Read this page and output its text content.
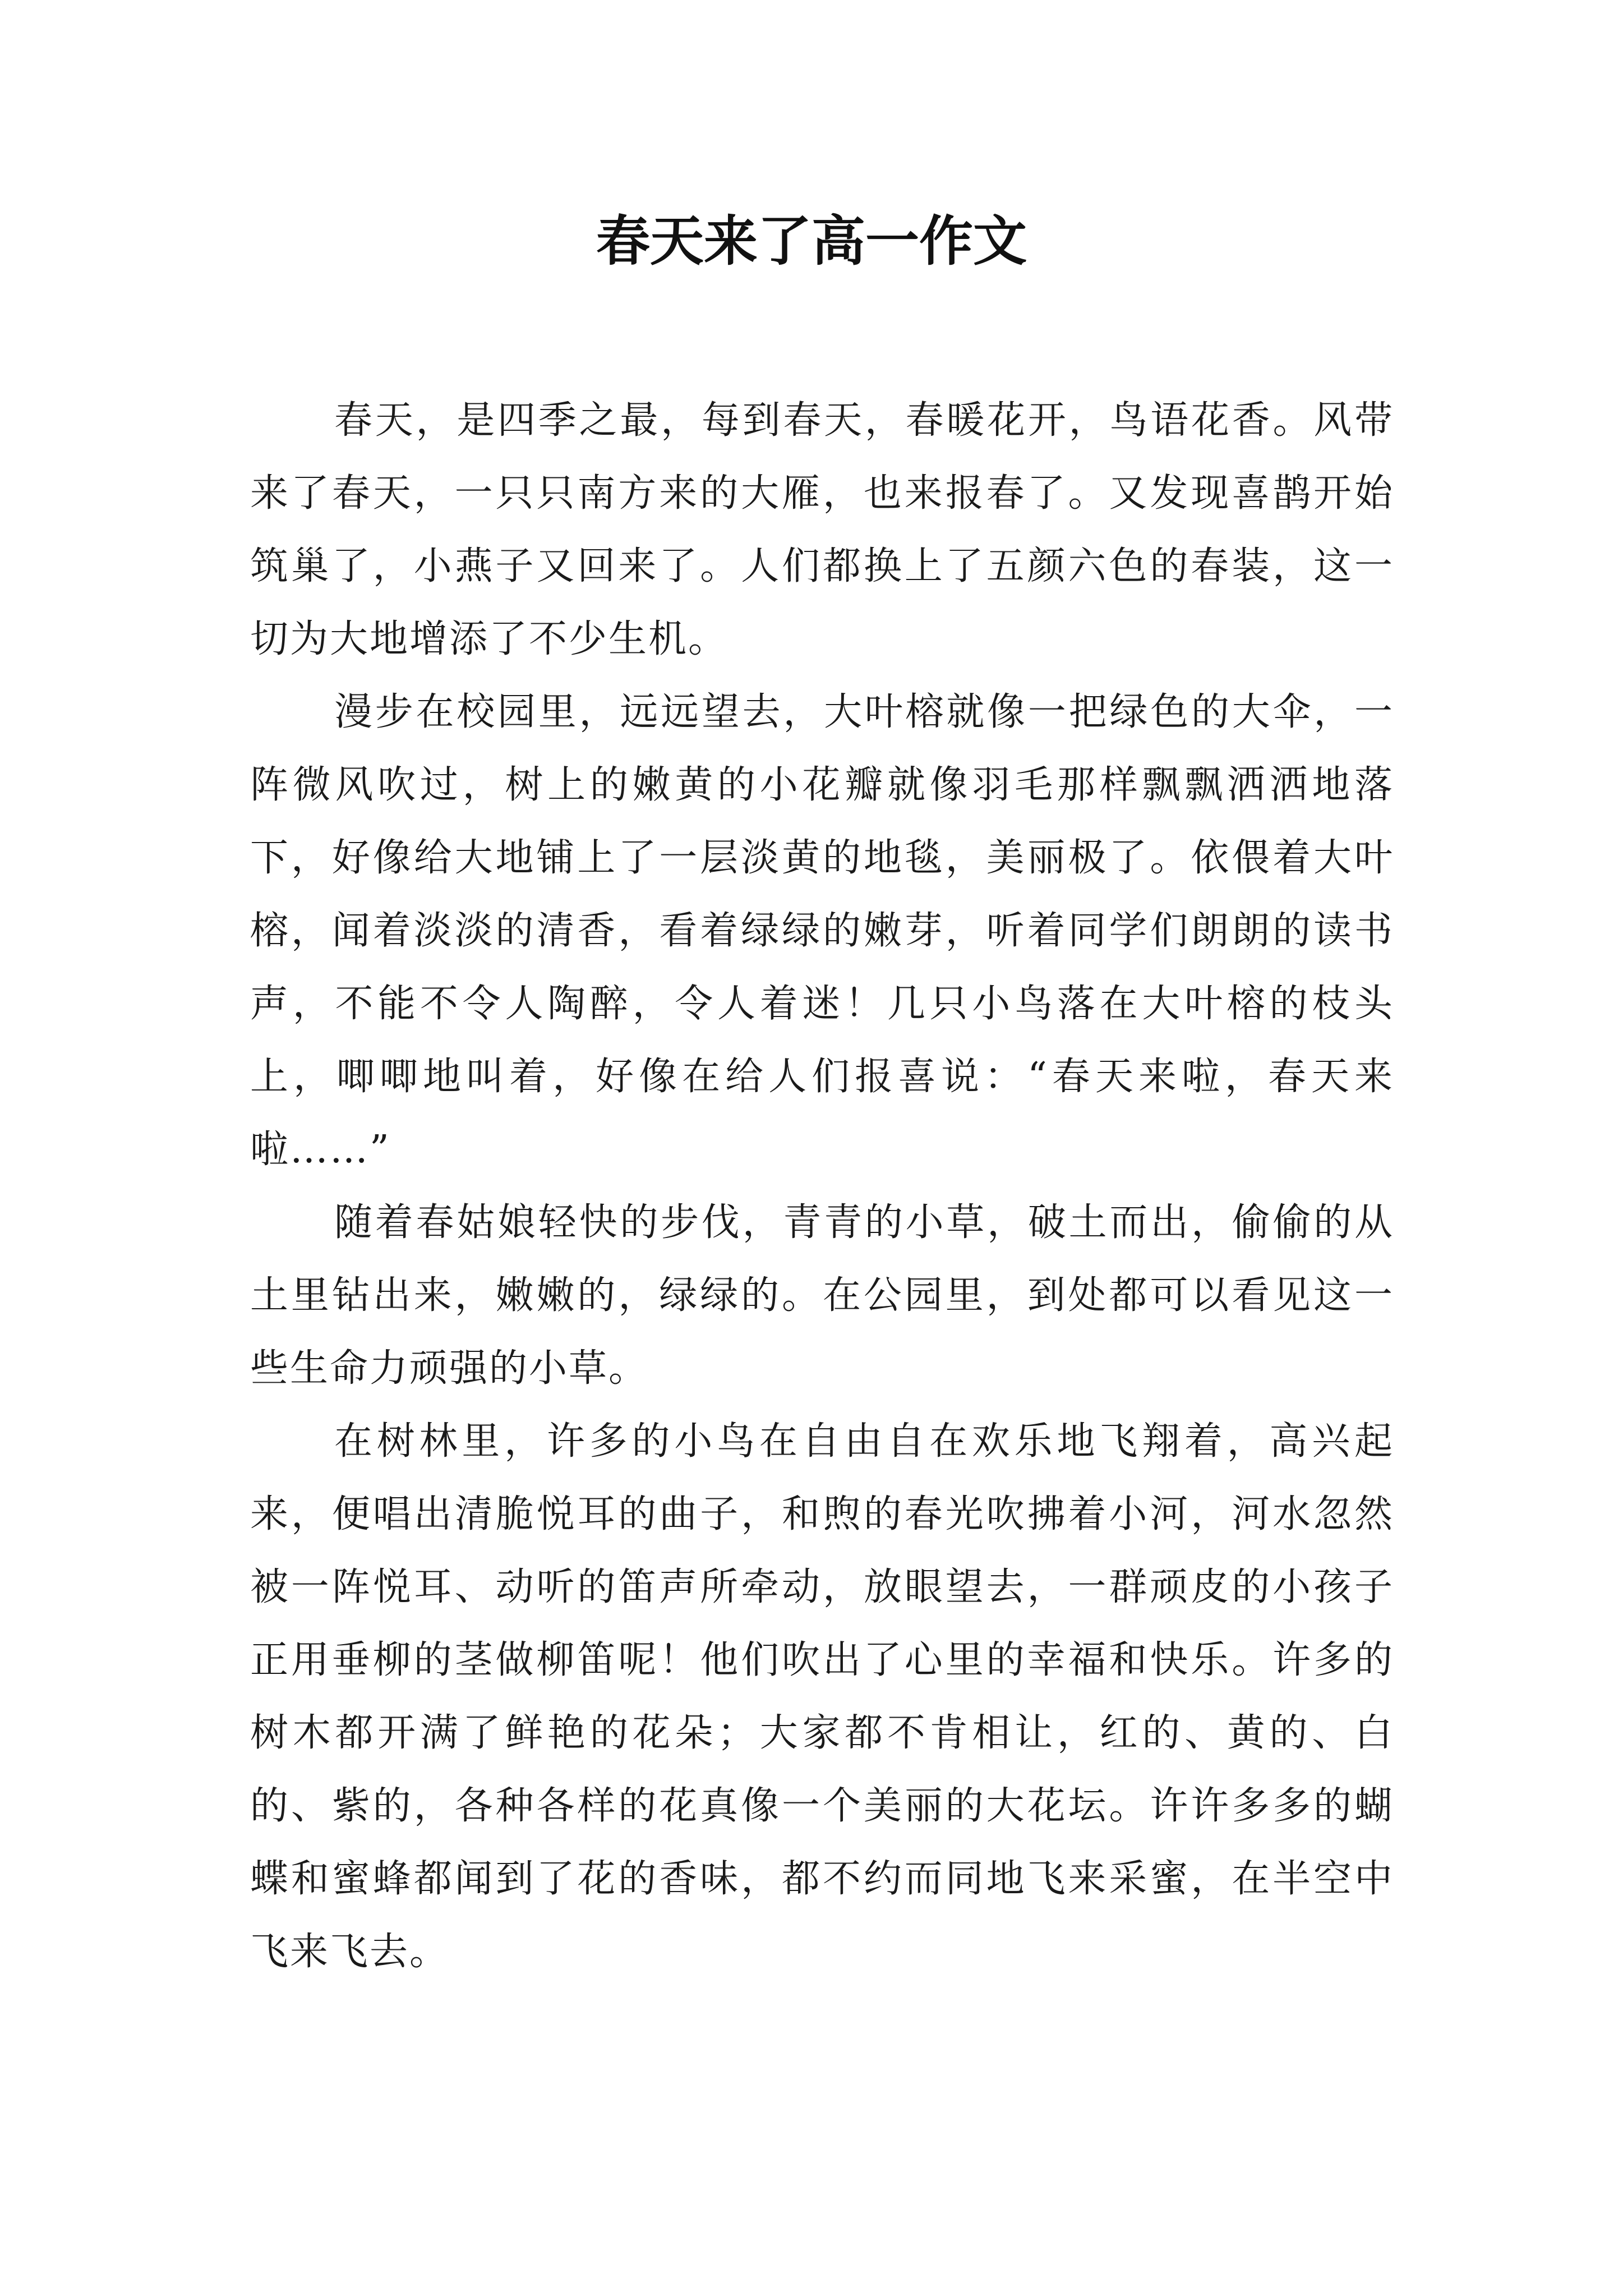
春天来了高一作文

春天，是四季之最，每到春天，春暖花开，鸟语花香。风带来了春天，一只只南方来的大雁，也来报春了。又发现喜鹊开始筑巢了，小燕子又回来了。人们都换上了五颜六色的春装，这一切为大地增添了不少生机。

漫步在校园里，远远望去，大叶榕就像一把绿色的大伞，一阵微风吹过，树上的嫩黄的小花瓣就像羽毛那样飘飘洒洒地落下，好像给大地铺上了一层淡黄的地毯，美丽极了。依偎着大叶榕，闻着淡淡的清香，看着绿绿的嫩芽，听着同学们朗朗的读书声，不能不令人陶醉，令人着迷！几只小鸟落在大叶榕的枝头上，唧唧地叫着，好像在给人们报喜说：“春天来啦，春天来啦……”

随着春姑娘轻快的步伐，青青的小草，破土而出，偷偷的从土里钻出来，嫩嫩的，绿绿的。在公园里，到处都可以看见这一些生命力顽强的小草。

在树林里，许多的小鸟在自由自在欢乐地飞翔着，高兴起来，便唱出清脆悦耳的曲子，和煦的春光吹拂着小河，河水忽然被一阵悦耳、动听的笛声所牵动，放眼望去，一群顽皮的小孩子正用垂柳的茎做柳笛呢！他们吹出了心里的幸福和快乐。许多的树木都开满了鲜艳的花朵；大家都不肯相让，红的、黄的、白的、紫的，各种各样的花真像一个美丽的大花坛。许许多多的蝴蝶和蜜蜂都闻到了花的香味，都不约而同地飞来采蜜，在半空中飞来飞去。
